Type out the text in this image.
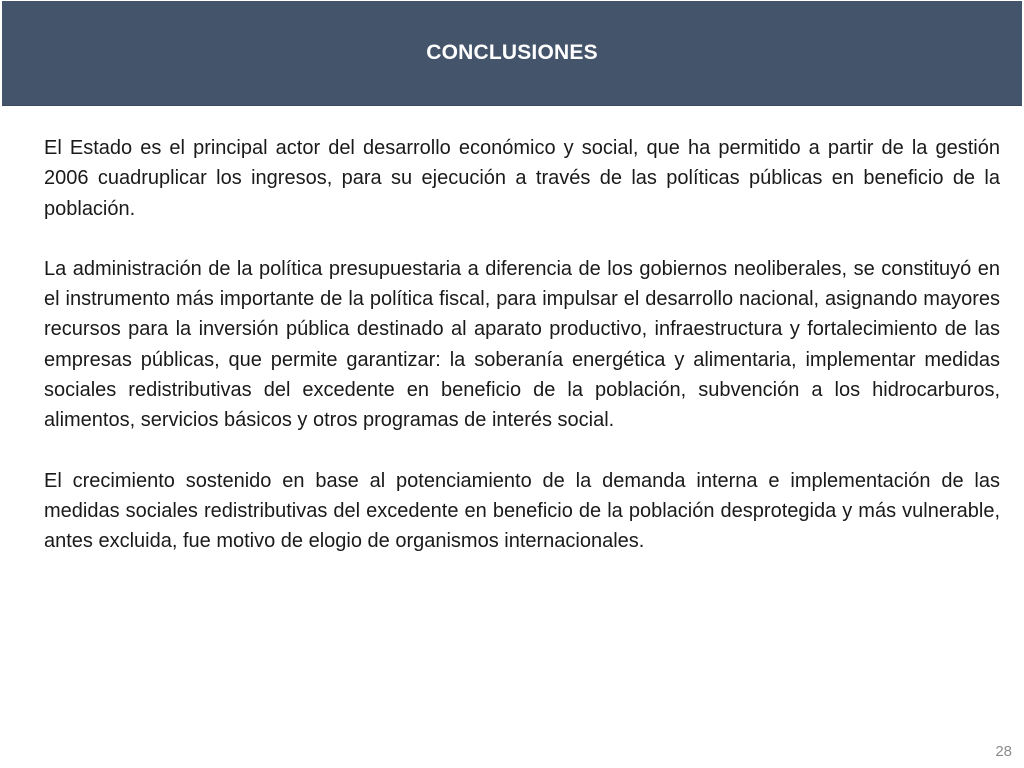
CONCLUSIONES

El Estado es el principal actor del desarrollo económico y social, que ha permitido a partir de la gestión 2006 cuadruplicar los ingresos, para su ejecución a través de las políticas públicas en beneficio de la población.

La administración de la política presupuestaria a diferencia de los gobiernos neoliberales, se constituyó en el instrumento más importante de la política fiscal, para impulsar el desarrollo nacional, asignando mayores recursos para la inversión pública destinado al aparato productivo, infraestructura y fortalecimiento de las empresas públicas, que permite garantizar: la soberanía energética y alimentaria, implementar medidas sociales redistributivas del excedente en beneficio de la población, subvención a los hidrocarburos, alimentos, servicios básicos y otros programas de interés social.

El crecimiento sostenido en base al potenciamiento de la demanda interna e implementación de las medidas sociales redistributivas del excedente en beneficio de la población desprotegida y más vulnerable, antes excluida, fue motivo de elogio de organismos internacionales.

28
